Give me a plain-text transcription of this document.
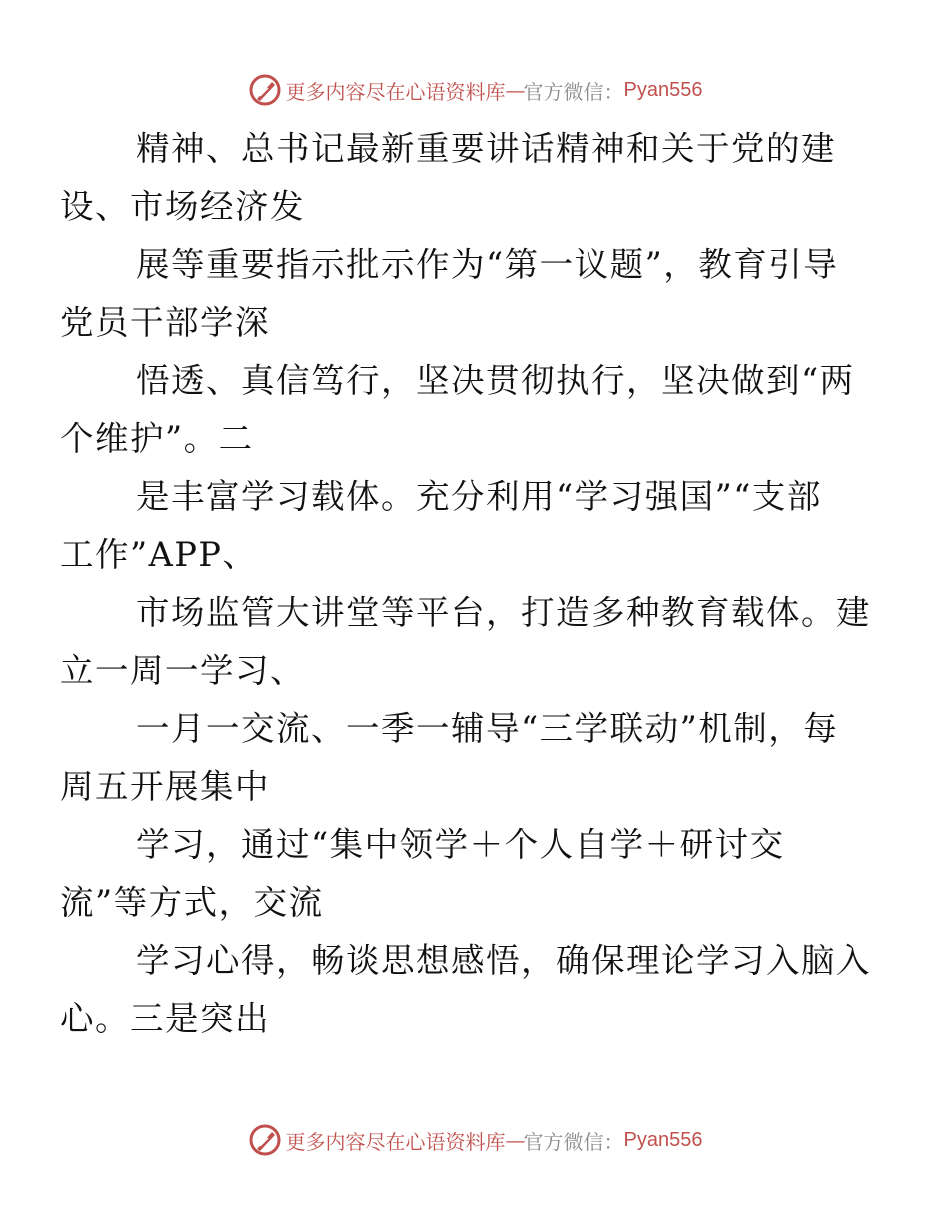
更多内容尽在心语资料库 — 官方微信： Pyan556

精神、总书记最新重要讲话精神和关于党的建
设、市场经济发

展等重要指示批示作为“第一议题”，教育引导
党员干部学深

悟透、真信笃行，坚决贯彻执行，坚决做到“两
个维护”。二

是丰富学习载体。充分利用“学习强国”“支部
工作”APP、

市场监管大讲堂等平台，打造多种教育载体。建
立一周一学习、

一月一交流、一季一辅导“三学联动”机制，每
周五开展集中

学习，通过“集中领学＋个人自学＋研讨交
流”等方式，交流

学习心得，畅谈思想感悟，确保理论学习入脑入
心。三是突出

更多内容尽在心语资料库 — 官方微信： Pyan556
